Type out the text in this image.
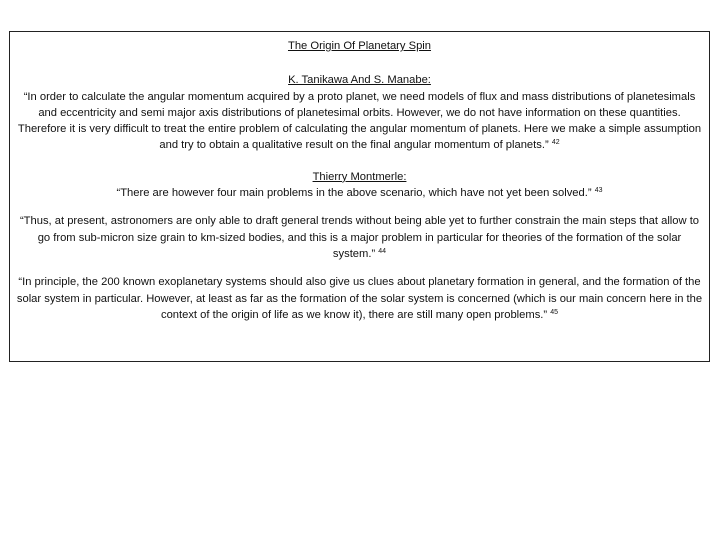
The Origin Of Planetary Spin

K. Tanikawa And S. Manabe:

“In order to calculate the angular momentum acquired by a proto planet, we need models of flux and mass distributions of planetesimals and eccentricity and semi major axis distributions of planetesimal orbits. However, we do not have information on these quantities. Therefore it is very difficult to treat the entire problem of calculating the angular momentum of planets. Here we make a simple assumption and try to obtain a qualitative result on the final angular momentum of planets.” $^{42}$

Thierry Montmerle:

“There are however four main problems in the above scenario, which have not yet been solved.” $^{43}$

“Thus, at present, astronomers are only able to draft general trends without being able yet to further constrain the main steps that allow to go from sub-micron size grain to km-sized bodies, and this is a major problem in particular for theories of the formation of the solar system.” $^{44}$

“In principle, the 200 known exoplanetary systems should also give us clues about planetary formation in general, and the formation of the solar system in particular. However, at least as far as the formation of the solar system is concerned (which is our main concern here in the context of the origin of life as we know it), there are still many open problems.” $^{45}$
